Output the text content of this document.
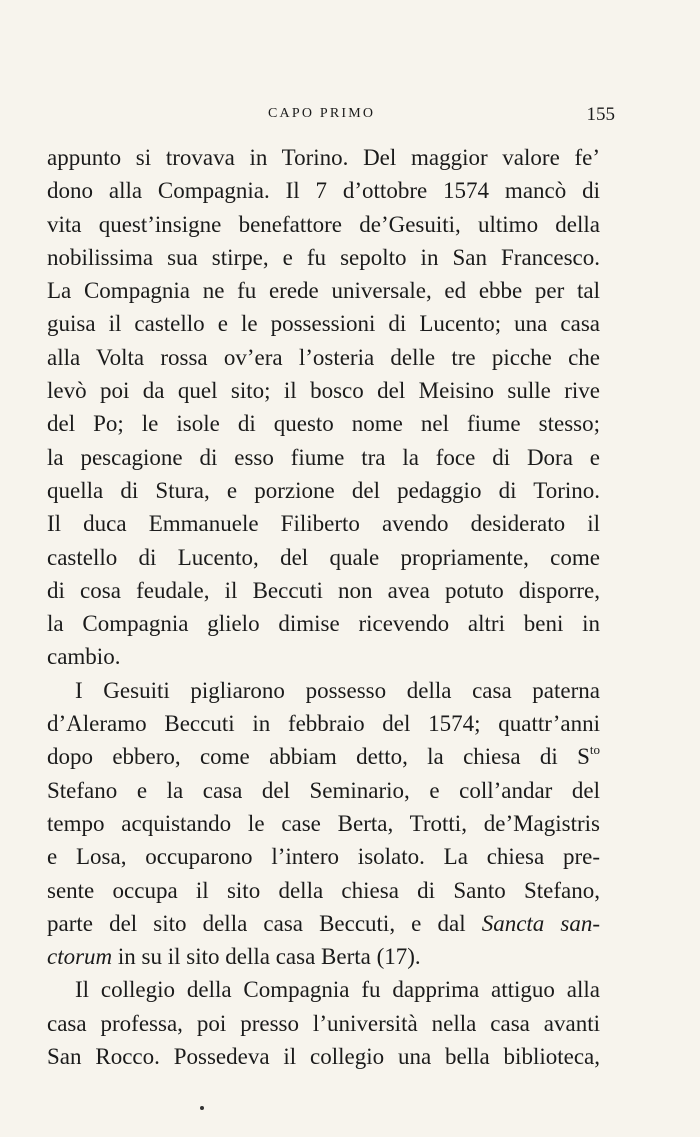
CAPO PRIMO	155
appunto si trovava in Torino. Del maggior valore fe’
dono alla Compagnia. Il 7 d’ottobre 1574 mancò di
vita quest’insigne benefattore de’Gesuiti, ultimo della
nobilissima sua stirpe, e fu sepolto in San Francesco.
La Compagnia ne fu erede universale, ed ebbe per tal
guisa il castello e le possessioni di Lucento; una casa
alla Volta rossa ov’era l’osteria delle tre picche che
levò poi da quel sito; il bosco del Meisino sulle rive
del Po; le isole di questo nome nel fiume stesso;
la pescagione di esso fiume tra la foce di Dora e
quella di Stura, e porzione del pedaggio di Torino.
Il duca Emmanuele Filiberto avendo desiderato il
castello di Lucento, del quale propriamente, come
di cosa feudale, il Beccuti non avea potuto disporre,
la Compagnia glielo dimise ricevendo altri beni in
cambio.
I Gesuiti pigliarono possesso della casa paterna
d’Aleramo Beccuti in febbraio del 1574; quattr’anni
dopo ebbero, come abbiam detto, la chiesa di $S^{to}$
Stefano e la casa del Seminario, e coll’andar del
tempo acquistando le case Berta, Trotti, de’Magistris
e Losa, occuparono l’intero isolato. La chiesa pre-
sente occupa il sito della chiesa di Santo Stefano,
parte del sito della casa Beccuti, e dal Sancta san-
ctorum in su il sito della casa Berta (17).
Il collegio della Compagnia fu dapprima attiguo alla
casa professa, poi presso l’università nella casa avanti
San Rocco. Possedeva il collegio una bella biblioteca,
